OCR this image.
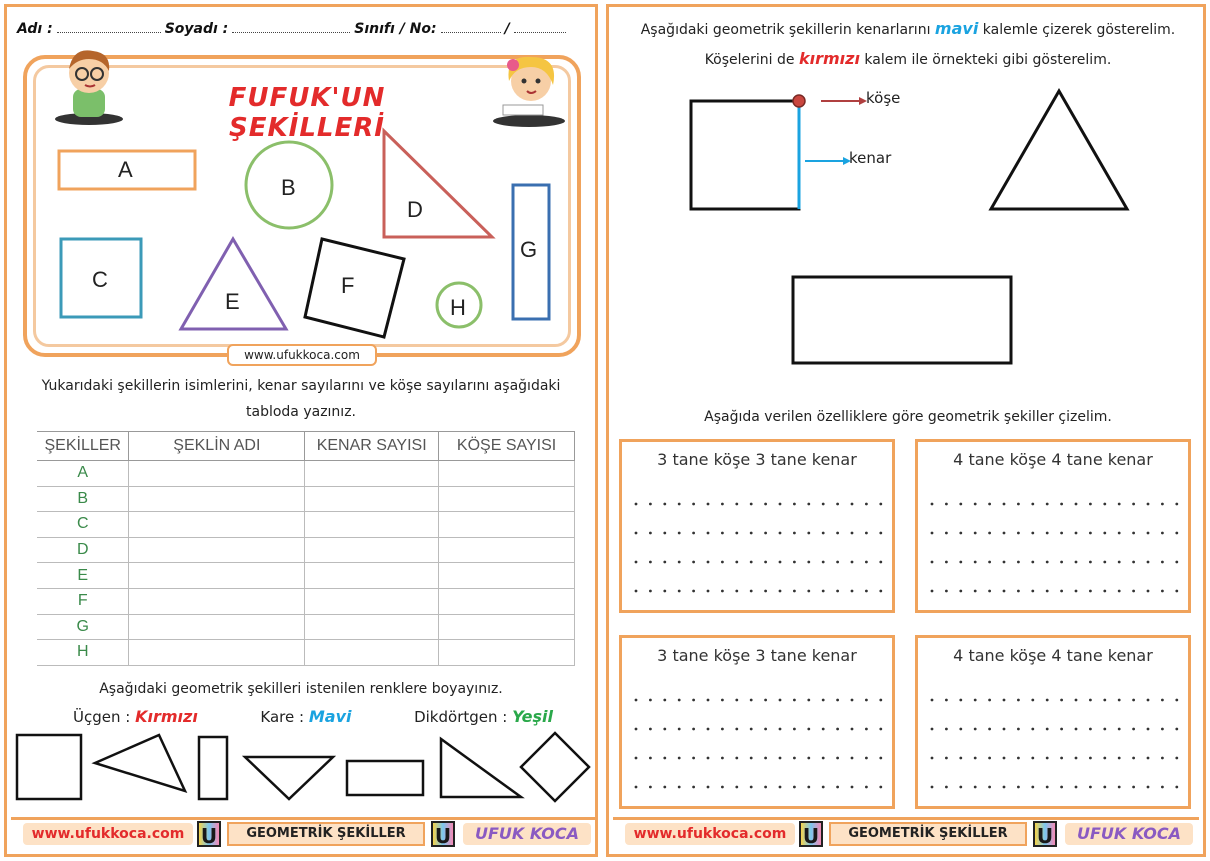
Adı :	Soyadı :	Sınıfı / No:	/
FUFUK'UN ŞEKİLLERİ
A
B
C
D
E
F
G
H
www.ufukkoca.com
Yukarıdaki şekillerin isimlerini, kenar sayılarını ve köşe sayılarını aşağıdaki tabloda yazınız.
ŞEKİLLER	ŞEKLİN ADI	KENAR SAYISI	KÖŞE SAYISI
A			
B			
C			
D			
E			
F			
G			
H			
Aşağıdaki geometrik şekilleri istenilen renklere boyayınız.
Üçgen : Kırmızı	Kare : Mavi	Dikdörtgen : Yeşil
www.ufukkoca.com U	GEOMETRİK ŞEKİLLER	U	UFUK KOCA
Aşağıdaki geometrik şekillerin kenarlarını mavi kalemle çizerek gösterelim.
Köşelerini de kırmızı kalem ile örnekteki gibi gösterelim.
köşe
kenar
Aşağıda verilen özelliklere göre geometrik şekiller çizelim.
3 tane köşe 3 tane kenar	4 tane köşe 4 tane kenar
3 tane köşe 3 tane kenar	4 tane köşe 4 tane kenar
www.ufukkoca.com U	GEOMETRİK ŞEKİLLER	U	UFUK KOCA
